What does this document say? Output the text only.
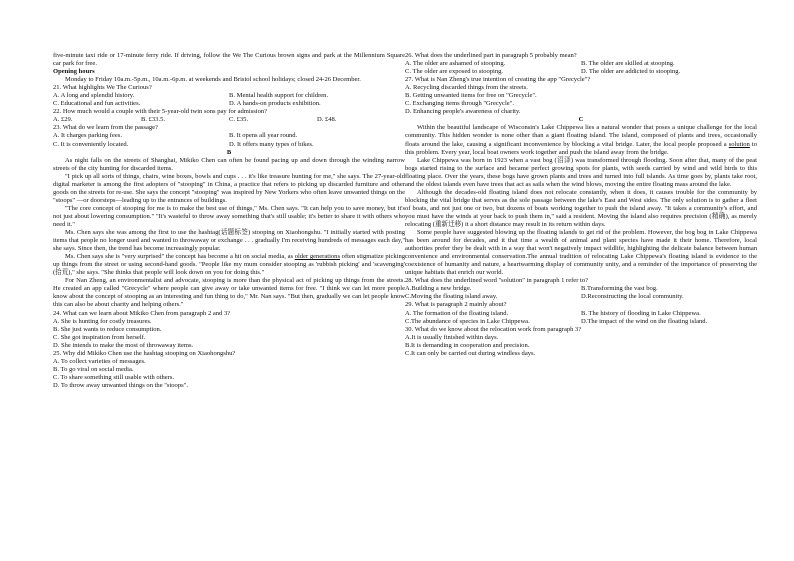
five-minute taxi ride or 17-minute ferry ride. If driving, follow the We The Curious brown signs and park at the Millennium Square car park for free.

Opening hours

Monday to Friday 10a.m.-5p.m., 10a.m.-6p.m. at weekends and Bristol school holidays; closed 24-26 December.

21. What highlights We The Curious?

A. A long and splendid history.	B. Mental health support for children.
C. Educational and fun activities.	D. A hands-on products exhibition.

22. How much would a couple with their 5-year-old twin sons pay for admission?

A. £29.	B. £33.5.	C. £35.	D. £48.

23. What do we learn from the passage?

A. It charges parking fees.	B. It opens all year round.
C. It is conveniently located.	D. It offers many types of bikes.

B

As night falls on the streets of Shanghai, Mikiko Chen can often be found pacing up and down through the winding narrow streets of the city hunting for discarded items.

"I pick up all sorts of things, chairs, wine boxes, bowls and cups . . . it's like treasure hunting for me," she says. The 27-year-old digital marketer is among the first adopters of "stooping" in China, a practice that refers to picking up discarded furniture and other goods on the streets for re-use. She says the concept "stooping" was inspired by New Yorkers who often leave unwanted things on the "stoops" —or doorsteps—leading up to the entrances of buildings.

"The core concept of stooping for me is to make the best use of things," Ms. Chen says. "It can help you to save money, but it's not just about lowering consumption." "It's wasteful to throw away something that's still usable; it's better to share it with others who need it."

Ms. Chen says she was among the first to use the hashtag(话题标签) stooping on Xiaohongshu. "I initially started with posting items that people no longer used and wanted to throwaway or exchange . . . gradually I'm receiving hundreds of messages each day," she says. Since then, the trend has become increasingly popular.

Ms. Chen says she is "very surprised" the concept has become a hit on social media, as older generations often stigmatize picking up things from the street or using second-hand goods. "People like my mum consider stooping as 'rubbish picking' and 'scavenging' (拾荒)," she says. "She thinks that people will look down on you for doing this."

For Nan Zheng, an environmentalist and advocate, stooping is more than the physical act of picking up things from the streets. He created an app called "Grecycle" where people can give away or take unwanted items for free. "I think we can let more people know about the concept of stooping as an interesting and fun thing to do," Mr. Nan says. "But then, gradually we can let people know this can also be about charity and helping others."

24. What can we learn about Mikiko Chen from paragraph 2 and 3?

A. She is hunting for costly treasures.
B. She just wants to reduce consumption.
C. She got inspiration from herself.
D. She intends to make the most of throwaway items.

25. Why did Mikiko Chen use the hashtag stooping on Xiaohongshu?

A. To collect varieties of messages.
B. To go viral on social media.
C. To share something still usable with others.
D. To throw away unwanted things on the "stoops".

26. What does the underlined part in paragraph 5 probably mean?

A. The older are ashamed of stooping.	B. The older are skilled at stooping.
C. The older are exposed to stooping.	D. The older are addicted to stooping.

27. What is Nan Zheng's true intention of creating the app "Grecycle"?

A. Recycling discarded things from the streets.
B. Getting unwanted items for free on "Grecycle".
C. Exchanging items through "Grecycle".
D. Enhancing people's awareness of charity.

C

Within the beautiful landscape of Wisconsin's Lake Chippewa lies a natural wonder that poses a unique challenge for the local community. This hidden wonder is none other than a giant floating island. The island, composed of plants and trees, occasionally floats around the lake, causing a significant inconvenience by blocking a vital bridge. Later, the local people proposed a solution to this problem. Every year, local boat owners work together and push the island away from the bridge.

Lake Chippewa was born in 1923 when a vast bog (沼泽) was transformed through flooding. Soon after that, many of the peat bogs started rising to the surface and became perfect growing spots for plants, with seeds carried by wind and wild birds to this floating place. Over the years, these bogs have grown plants and trees and turned into full islands. As time goes by, plants take root, and the oldest islands even have trees that act as sails when the wind blows, moving the entire floating mass around the lake.

Although the decades-old floating island does not relocate constantly, when it does, it causes trouble for the community by blocking the vital bridge that serves as the sole passage between the lake's East and West sides. The only solution is to gather a fleet of boats, and not just one or two, but dozens of boats working together to push the island away. "It takes a community's effort, and you must have the winds at your back to push them in," said a resident. Moving the island also requires precision (精确), as merely relocating (重新迁移) it a short distance may result in its return within days.

Some people have suggested blowing up the floating islands to get rid of the problem. However, the bog bog in Lake Chippewa has been around for decades, and it that time a wealth of animal and plant species have made it their home. Therefore, local authorities prefer they be dealt with in a way that won't negatively impact wildlife, highlighting the delicate balance between human convenience and environmental conservation.The annual tradition of relocating Lake Chippewa's floating island is evidence to the coexistence of humanity and nature, a heartwarming display of community unity, and a reminder of the importance of preserving the unique habitats that enrich our world.

28. What does the underlined word "solution" in paragraph 1 refer to?

A.Building a new bridge.	B.Transforming the vast bog.
C.Moving the floating island away.	D.Reconstructing the local community.

29. What is paragraph 2 mainly about?

A. The formation of the floating island.	B. The history of flooding in Lake Chippewa.
C.The abundance of species in Lake Chippewa.	D.The impact of the wind on the floating island.

30. What do we know about the relocation work from paragraph 3?

A.It is usually finished within days.
B.It is demanding in cooperation and precision.
C.It can only be carried out during windless days.
